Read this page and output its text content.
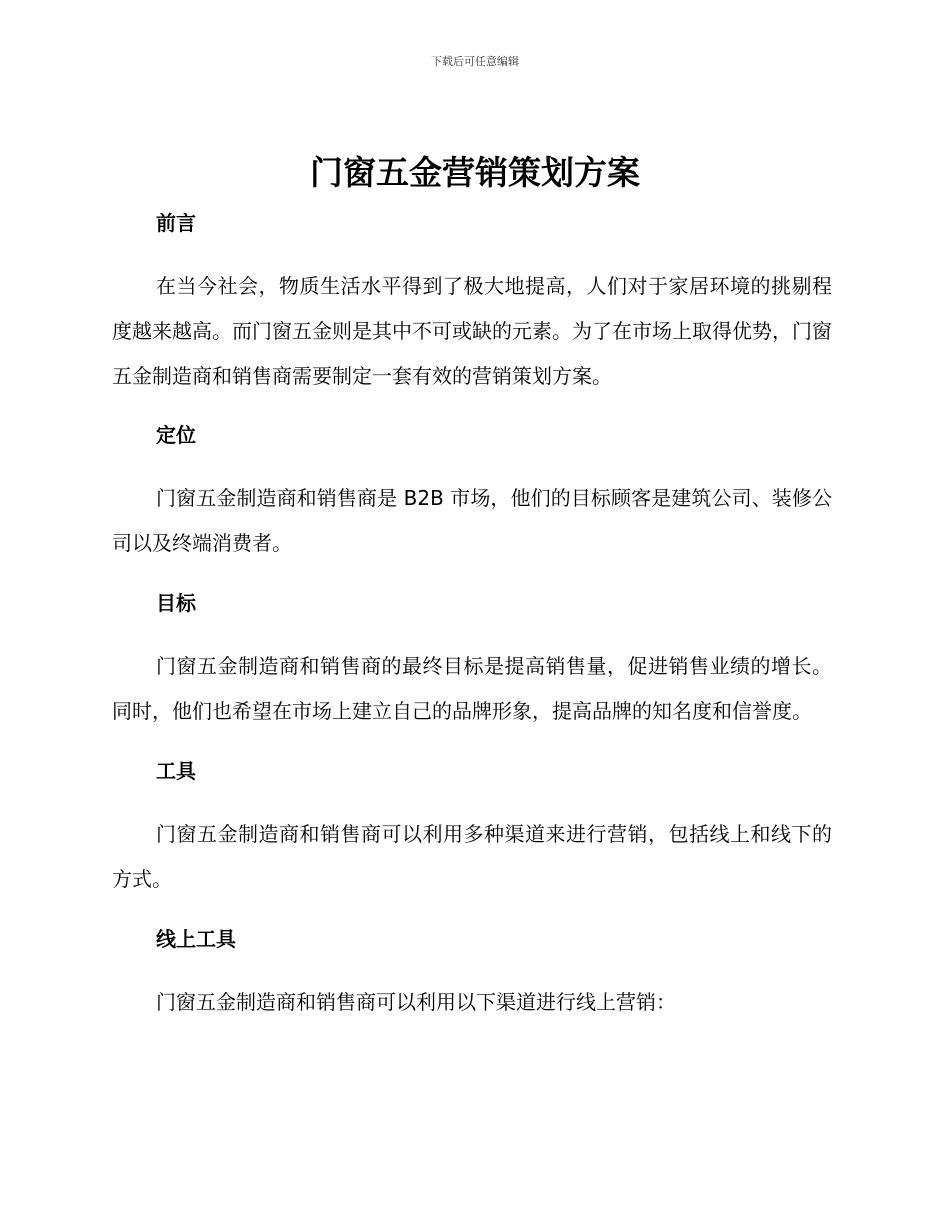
下载后可任意编辑
门窗五金营销策划方案
前言

在当今社会，物质生活水平得到了极大地提高，人们对于家居环境的挑剔程度越来越高。而门窗五金则是其中不可或缺的元素。为了在市场上取得优势，门窗五金制造商和销售商需要制定一套有效的营销策划方案。

定位

门窗五金制造商和销售商是 B2B 市场，他们的目标顾客是建筑公司、装修公司以及终端消费者。

目标

门窗五金制造商和销售商的最终目标是提高销售量，促进销售业绩的增长。同时，他们也希望在市场上建立自己的品牌形象，提高品牌的知名度和信誉度。

工具

门窗五金制造商和销售商可以利用多种渠道来进行营销，包括线上和线下的方式。

线上工具

门窗五金制造商和销售商可以利用以下渠道进行线上营销：
